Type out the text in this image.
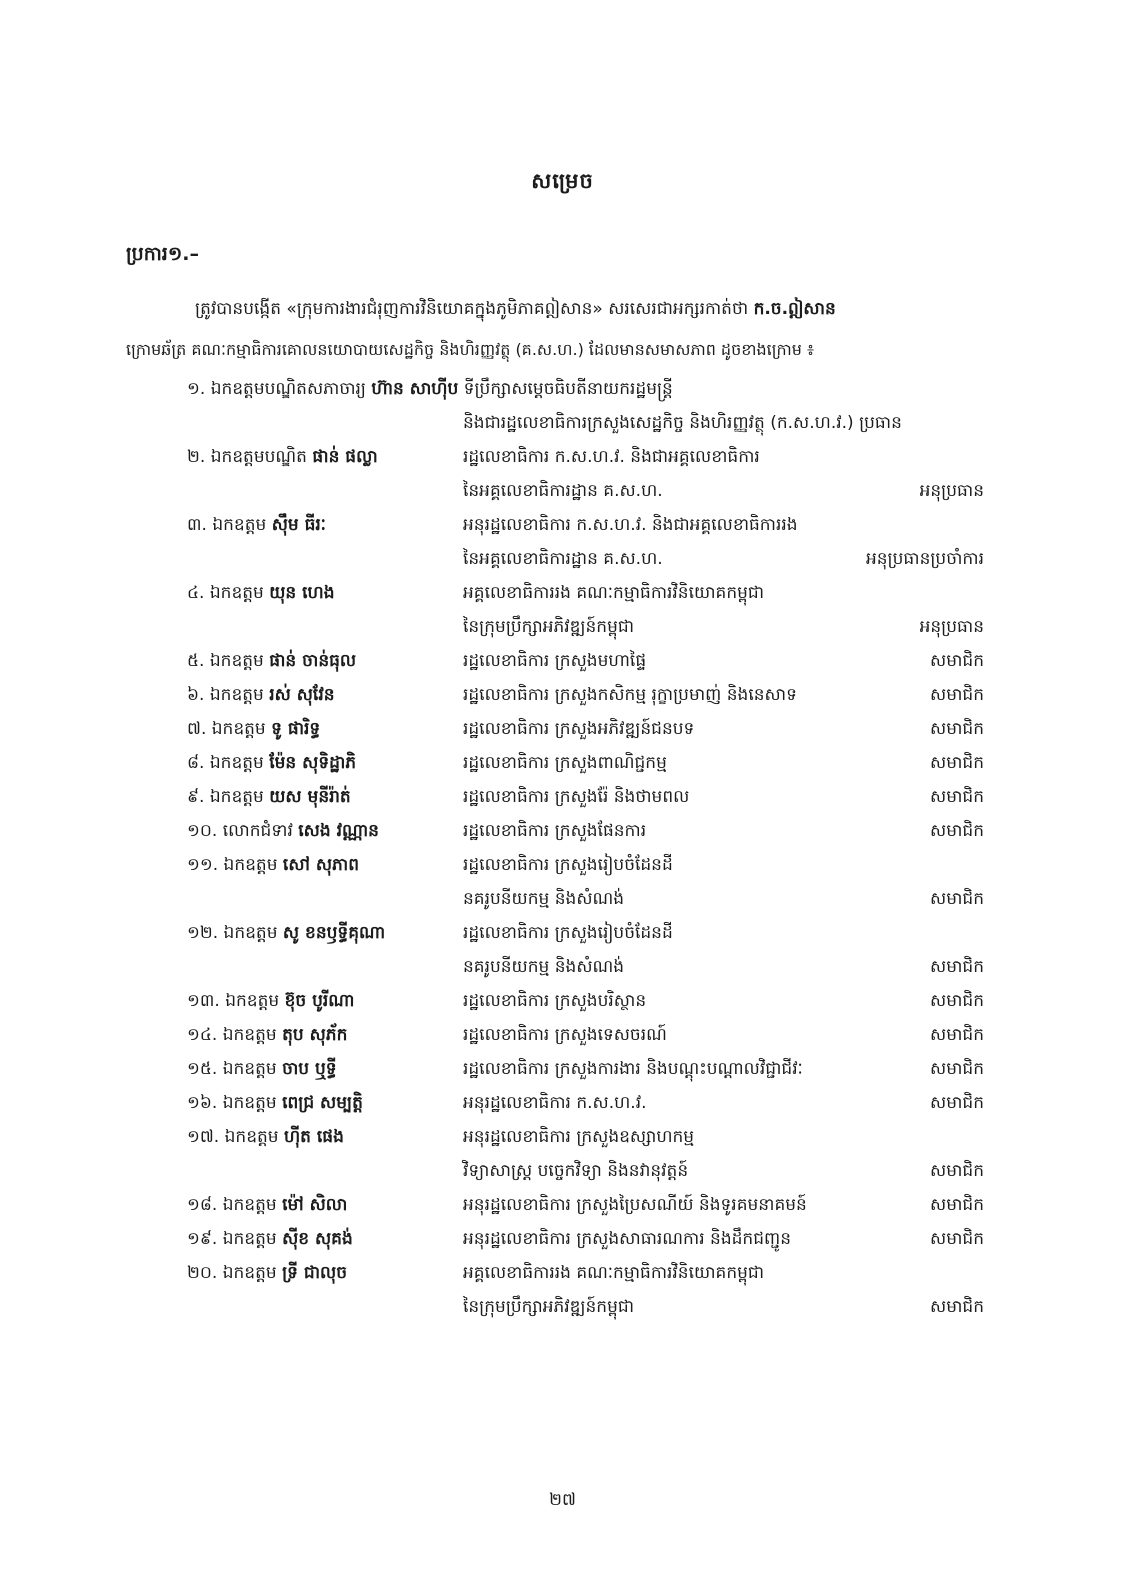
សម្រេច
ប្រការ១.–
ត្រូវបានបង្កើត «ក្រុមការងារជំរុញការវិនិយោគក្នុងភូមិភាគឦសាន» សរសេរជាអក្សរកាត់ថា ក.ច.ឦសាន
ក្រោមឆ័ត្រ គណៈកម្មាធិការគោលនយោបាយសេដ្ឋកិច្ច និងហិរញ្ញវត្ថុ (គ.ស.ហ.) ដែលមានសមាសភាព ដូចខាងក្រោម ៖
១. ឯកឧត្តមបណ្ឌិតសភាចារ្យ ហ៊ាន សាហ៊ីប ទីប្រឹក្សាសម្ដេចធិបតីនាយករដ្ឋមន្ត្រី
និងជារដ្ឋលេខាធិការក្រសួងសេដ្ឋកិច្ច និងហិរញ្ញវត្ថុ (ក.ស.ហ.វ.) ប្រធាន
២. ឯកឧត្តមបណ្ឌិត ផាន់ ផល្លា	រដ្ឋលេខាធិការ ក.ស.ហ.វ. និងជាអគ្គលេខាធិការ
នៃអគ្គលេខាធិការដ្ឋាន គ.ស.ហ.	អនុប្រធាន
៣. ឯកឧត្តម ស៊ឹម ធីរៈ	អនុរដ្ឋលេខាធិការ ក.ស.ហ.វ. និងជាអគ្គលេខាធិការរង
នៃអគ្គលេខាធិការដ្ឋាន គ.ស.ហ.	អនុប្រធានប្រចាំការ
៤. ឯកឧត្តម យុន ហេង	អគ្គលេខាធិការរង គណៈកម្មាធិការវិនិយោគកម្ពុជា
នៃក្រុមប្រឹក្សាអភិវឌ្ឍន៍កម្ពុជា	អនុប្រធាន
៥. ឯកឧត្តម ផាន់ ចាន់ធុល	រដ្ឋលេខាធិការ ក្រសួងមហាផ្ទៃ	សមាជិក
៦. ឯកឧត្តម រស់ សុវែន	រដ្ឋលេខាធិការ ក្រសួងកសិកម្ម រុក្ខាប្រមាញ់ និងនេសាទ	សមាជិក
៧. ឯកឧត្តម ទូ ផារិទ្ធ	រដ្ឋលេខាធិការ ក្រសួងអភិវឌ្ឍន៍ជនបទ	សមាជិក
៨. ឯកឧត្តម ម៉ែន សុទិដ្ឋាភិ	រដ្ឋលេខាធិការ ក្រសួងពាណិជ្ជកម្ម	សមាជិក
៩. ឯកឧត្តម យស មុនីរ៉ាត់	រដ្ឋលេខាធិការ ក្រសួងរ៉ែ និងថាមពល	សមាជិក
១០. លោកជំទាវ សេង វណ្ណាន	រដ្ឋលេខាធិការ ក្រសួងផែនការ	សមាជិក
១១. ឯកឧត្តម សៅ សុភាព	រដ្ឋលេខាធិការ ក្រសួងរៀបចំដែនដី
នគរូបនីយកម្ម និងសំណង់	សមាជិក
១២. ឯកឧត្តម សូ ខនឫទ្ធីគុណា	រដ្ឋលេខាធិការ ក្រសួងរៀបចំដែនដី
នគរូបនីយកម្ម និងសំណង់	សមាជិក
១៣. ឯកឧត្តម ខ៊ុច បូរីណា	រដ្ឋលេខាធិការ ក្រសួងបរិស្ថាន	សមាជិក
១៤. ឯកឧត្តម តុប សុភ័ក	រដ្ឋលេខាធិការ ក្រសួងទេសចរណ៍	សមាជិក
១៥. ឯកឧត្តម ចាប ឬទ្ធី	រដ្ឋលេខាធិការ ក្រសួងការងារ និងបណ្តុះបណ្តាលវិជ្ជាជីវៈ	សមាជិក
១៦. ឯកឧត្តម ពេជ្រ សម្បត្តិ	អនុរដ្ឋលេខាធិការ ក.ស.ហ.វ.	សមាជិក
១៧. ឯកឧត្តម ហ៊ីត ផេង	អនុរដ្ឋលេខាធិការ ក្រសួងឧស្សាហកម្ម
វិទ្យាសាស្ត្រ បច្ចេកវិទ្យា និងនវានុវត្តន៍	សមាជិក
១៨. ឯកឧត្តម ម៉ៅ សិលា	អនុរដ្ឋលេខាធិការ ក្រសួងប្រៃសណីយ៍ និងទូរគមនាគមន៍	សមាជិក
១៩. ឯកឧត្តម ស៊ីខ សុគង់	អនុរដ្ឋលេខាធិការ ក្រសួងសាធារណការ និងដឹកជញ្ជូន	សមាជិក
២០. ឯកឧត្តម ទ្រី ជាលុច	អគ្គលេខាធិការរង គណៈកម្មាធិការវិនិយោគកម្ពុជា
នៃក្រុមប្រឹក្សាអភិវឌ្ឍន៍កម្ពុជា	សមាជិក
២៧
